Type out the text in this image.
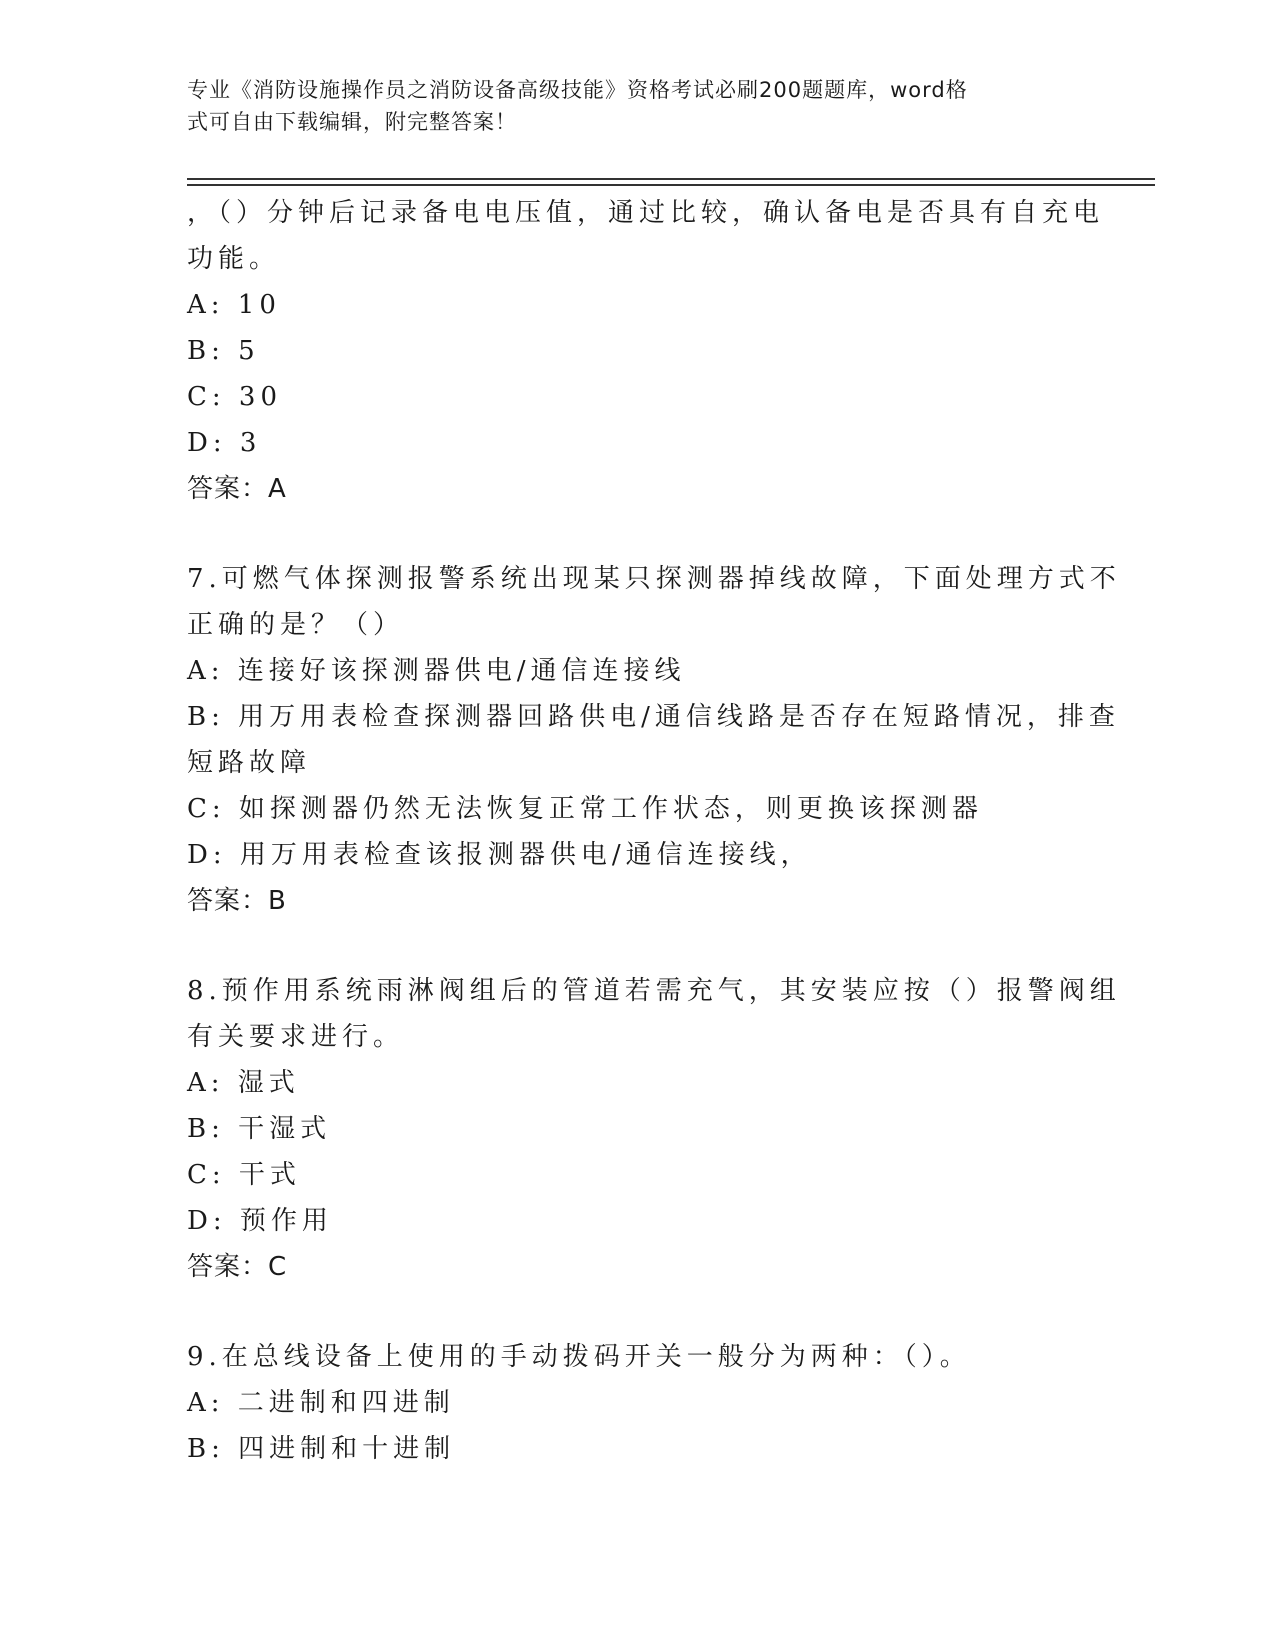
专业《消防设施操作员之消防设备高级技能》资格考试必刷200题题库，word格
式可自由下载编辑，附完整答案！
，（）分钟后记录备电电压值，通过比较，确认备电是否具有自充电
功能。
A: 10
B: 5
C: 30
D: 3
答案：A
7.可燃气体探测报警系统出现某只探测器掉线故障，下面处理方式不
正确的是？（）
A: 连接好该探测器供电/通信连接线
B: 用万用表检查探测器回路供电/通信线路是否存在短路情况，排查
短路故障
C: 如探测器仍然无法恢复正常工作状态，则更换该探测器
D: 用万用表检查该报测器供电/通信连接线，
答案：B
8.预作用系统雨淋阀组后的管道若需充气，其安装应按（）报警阀组
有关要求进行。
A: 湿式
B: 干湿式
C: 干式
D: 预作用
答案：C
9.在总线设备上使用的手动拨码开关一般分为两种：（）。
A: 二进制和四进制
B: 四进制和十进制
